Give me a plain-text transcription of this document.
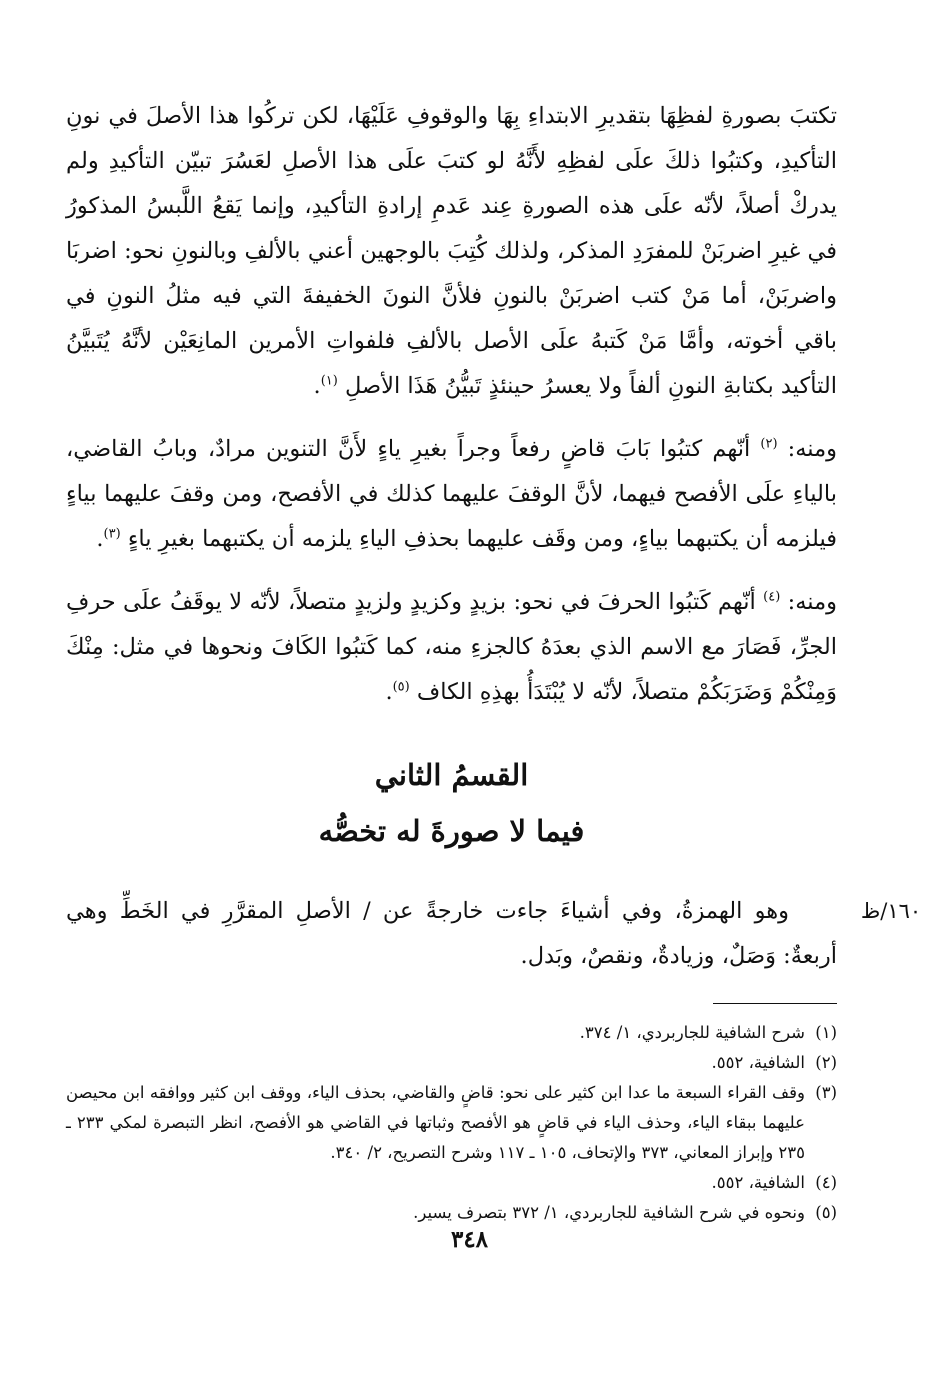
تكتبَ بصورةِ لفظِهَا بتقديرِ الابتداءِ بِهَا والوقوفِ عَلَيْهَا، لكن تركُوا هذا الأصلَ في نونِ التأكيدِ، وكتبُوا ذلكَ علَى لفظِهِ لأَنَّهُ لو كتبَ علَى هذا الأصلِ لعَسُرَ تبيّن التأكيدِ ولم يدركْ أصلاً، لأنّه علَى هذه الصورةِ عِند عَدمِ إرادةِ التأكيدِ، وإنما يَقعُ اللَّبسُ المذكورُ في غيرِ اضربَنْ للمفرَدِ المذكر، ولذلك كُتِبَ بالوجهين أعني بالألفِ وبالنونِ نحو: اضربَا واضربَنْ، أما مَنْ كتب اضربَنْ بالنونِ فلأنَّ النونَ الخفيفةَ التي فيه مثلُ النونِ في باقي أخوته، وأمَّا مَنْ كَتبهُ علَى الأصل بالألفِ فلفواتِ الأمرين المانِعَيْن لأنَّهُ يُتَبيَّنُ التأكيد بكتابةِ النونِ ألفاً ولا يعسرُ حينئذٍ تَبيُّنُ هَذَا الأصلِ $^{(١)}$.

ومنه: $^{(٢)}$ أنّهم كتبُوا بَابَ قاضٍ رفعاً وجراً بغيرِ ياءٍ لأَنَّ التنوين مرادٌ، وبابُ القاضي، بالياءِ علَى الأفصح فيهما، لأنَّ الوقفَ عليهما كذلك في الأفصح، ومن وقفَ عليهما بياءٍ فيلزمه أن يكتبهما بياءٍ، ومن وقَف عليهما بحذفِ الياءِ يلزمه أن يكتبهما بغيرِ ياءٍ $^{(٣)}$.

ومنه: $^{(٤)}$ أنّهم كَتبُوا الحرفَ في نحو: بزيدٍ وكزيدٍ ولزيدٍ متصلاً، لأنّه لا يوقَفُ علَى حرفِ الجرِّ، فَصَارَ مع الاسم الذي بعدَهُ كالجزءِ منه، كما كَتبُوا الكَافَ ونحوها في مثل: مِنْكَ وَمِنْكُمْ وَضَرَبَكُمْ متصلاً، لأنّه لا يُبْتَدَأُ بهذِهِ الكاف $^{(٥)}$.

القسمُ الثاني
فيما لا صورةَ له تخصُّه
١٦٠/ظ

وهو الهمزةُ، وفي أشياءَ جاءت خارجةً عن / الأصلِ المقرَّرِ في الخَطِّ وهي أربعةٌ: وَصَلٌ، وزيادةٌ، ونقصٌ، وبَدل.

(١)
شرح الشافية للجاربردي، ١/ ٣٧٤.
(٢)
الشافية، ٥٥٢.
(٣)
وقف القراء السبعة ما عدا ابن كثير على نحو: قاضٍ والقاضي، بحذف الياء، ووقف ابن كثير ووافقه ابن محيصن عليهما ببقاء الياء، وحذف الياء في قاضٍ هو الأفصح وثباتها في القاضي هو الأفصح، انظر التبصرة لمكي ٢٣٣ ـ ٢٣٥ وإبراز المعاني، ٣٧٣ والإتحاف، ١٠٥ ـ ١١٧ وشرح التصريح، ٢/ ٣٤٠.
(٤)
الشافية، ٥٥٢.
(٥)
ونحوه في شرح الشافية للجاربردي، ١/ ٣٧٢ بتصرف يسير.
٣٤٨
